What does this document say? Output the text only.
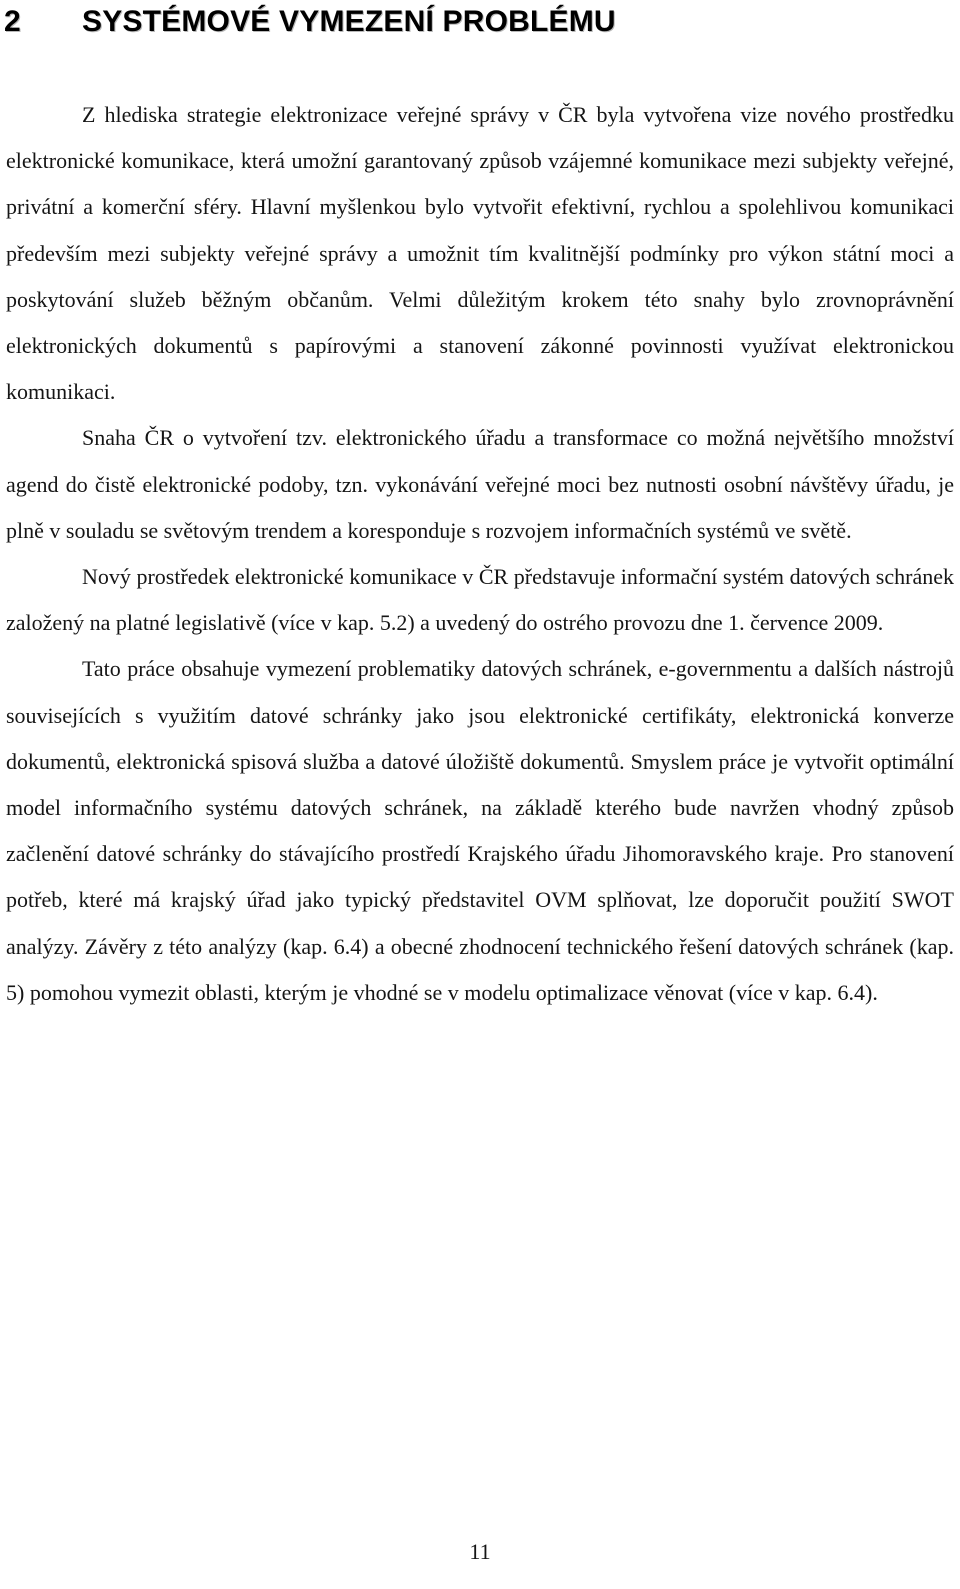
2 SYSTÉMOVÉ VYMEZENÍ PROBLÉMU

Z hlediska strategie elektronizace veřejné správy v ČR byla vytvořena vize nového prostředku elektronické komunikace, která umožní garantovaný způsob vzájemné komunikace mezi subjekty veřejné, privátní a komerční sféry. Hlavní myšlenkou bylo vytvořit efektivní, rychlou a spolehlivou komunikaci především mezi subjekty veřejné správy a umožnit tím kvalitnější podmínky pro výkon státní moci a poskytování služeb běžným občanům. Velmi důležitým krokem této snahy bylo zrovnoprávnění elektronických dokumentů s papírovými a stanovení zákonné povinnosti využívat elektronickou komunikaci.

Snaha ČR o vytvoření tzv. elektronického úřadu a transformace co možná největšího množství agend do čistě elektronické podoby, tzn. vykonávání veřejné moci bez nutnosti osobní návštěvy úřadu, je plně v souladu se světovým trendem a koresponduje s rozvojem informačních systémů ve světě.

Nový prostředek elektronické komunikace v ČR představuje informační systém datových schránek založený na platné legislativě (více v kap. 5.2) a uvedený do ostrého provozu dne 1. července 2009.

Tato práce obsahuje vymezení problematiky datových schránek, e-governmentu a dalších nástrojů souvisejících s využitím datové schránky jako jsou elektronické certifikáty, elektronická konverze dokumentů, elektronická spisová služba a datové úložiště dokumentů. Smyslem práce je vytvořit optimální model informačního systému datových schránek, na základě kterého bude navržen vhodný způsob začlenění datové schránky do stávajícího prostředí Krajského úřadu Jihomoravského kraje. Pro stanovení potřeb, které má krajský úřad jako typický představitel OVM splňovat, lze doporučit použití SWOT analýzy. Závěry z této analýzy (kap. 6.4) a obecné zhodnocení technického řešení datových schránek (kap. 5) pomohou vymezit oblasti, kterým je vhodné se v modelu optimalizace věnovat (více v kap. 6.4).

11
